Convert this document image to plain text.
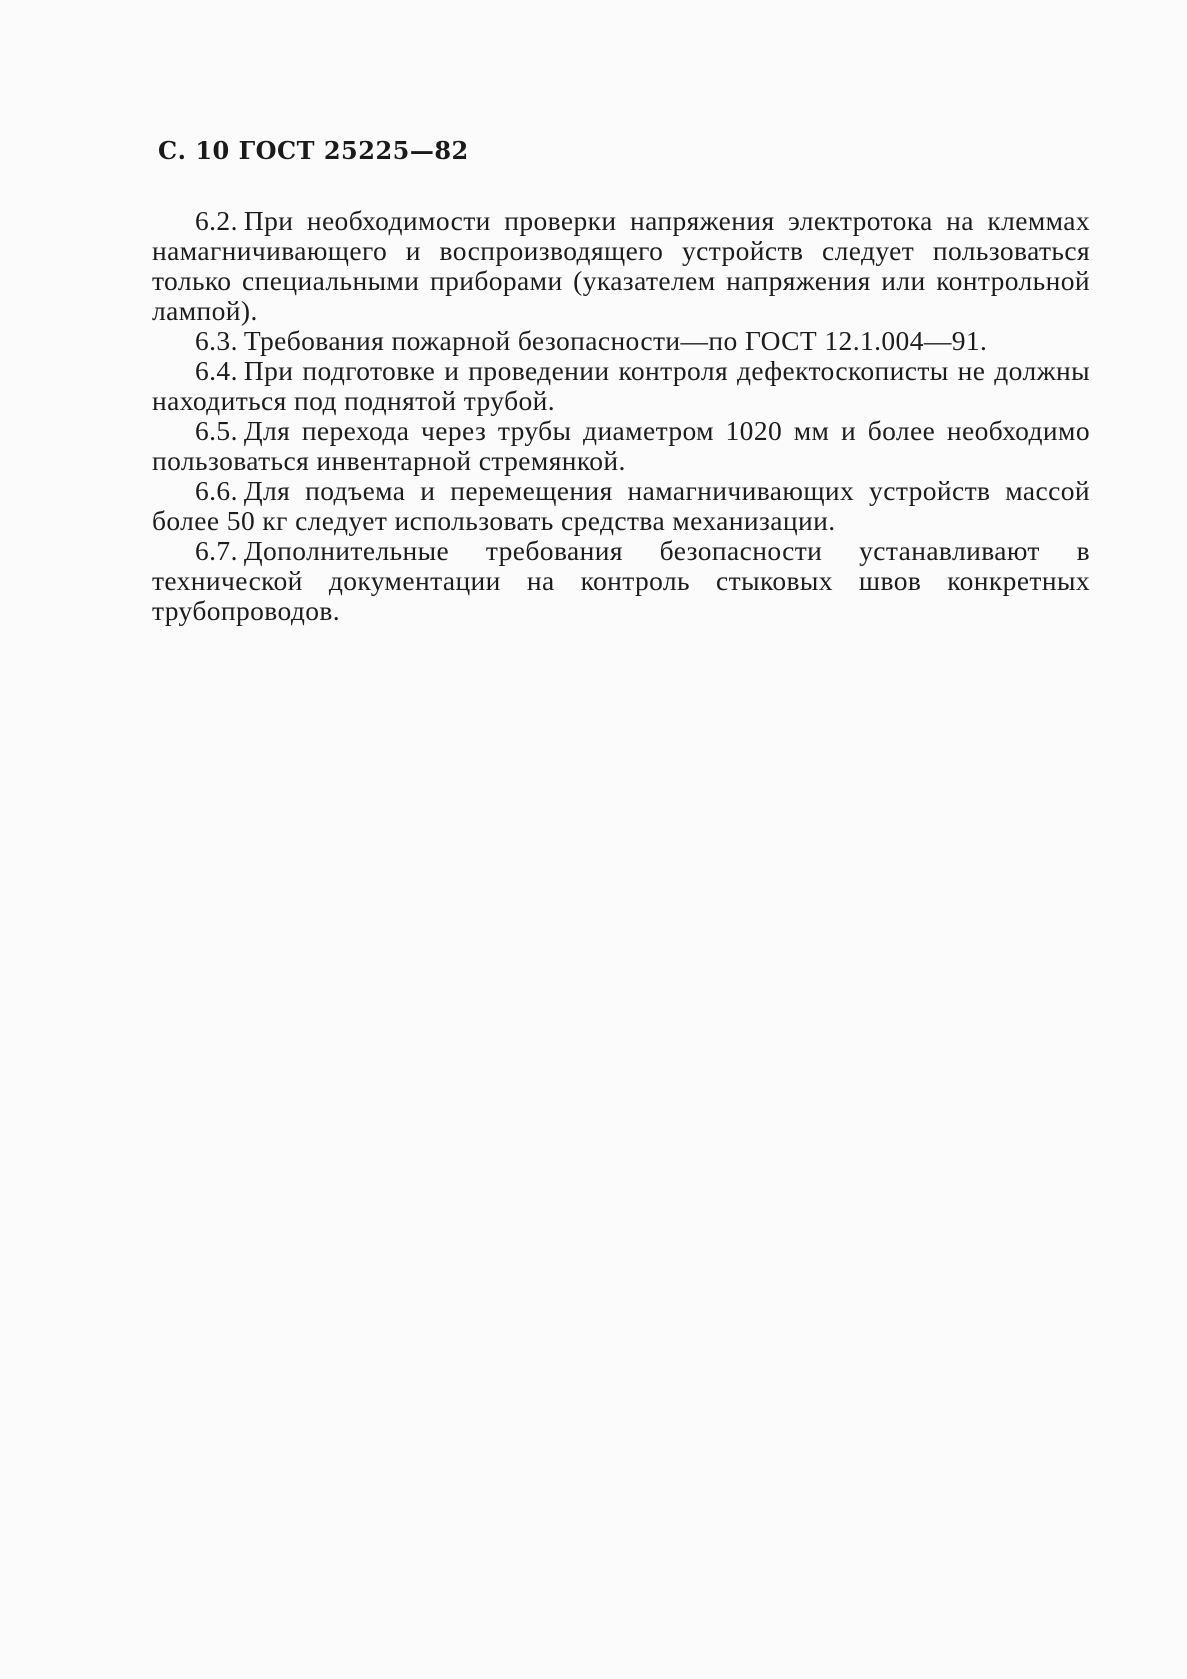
С. 10 ГОСТ 25225—82

6.2. При необходимости проверки напряжения электротока на клеммах намагничивающего и воспроизводящего устройств следует пользоваться только специальными приборами (указателем напряжения или контрольной лампой).

6.3. Требования пожарной безопасности—по ГОСТ 12.1.004—91.

6.4. При подготовке и проведении контроля дефектоскописты не должны находиться под поднятой трубой.

6.5. Для перехода через трубы диаметром 1020 мм и более необходимо пользоваться инвентарной стремянкой.

6.6. Для подъема и перемещения намагничивающих устройств массой более 50 кг следует использовать средства механизации.

6.7. Дополнительные требования безопасности устанавливают в технической документации на контроль стыковых швов конкретных трубопроводов.
